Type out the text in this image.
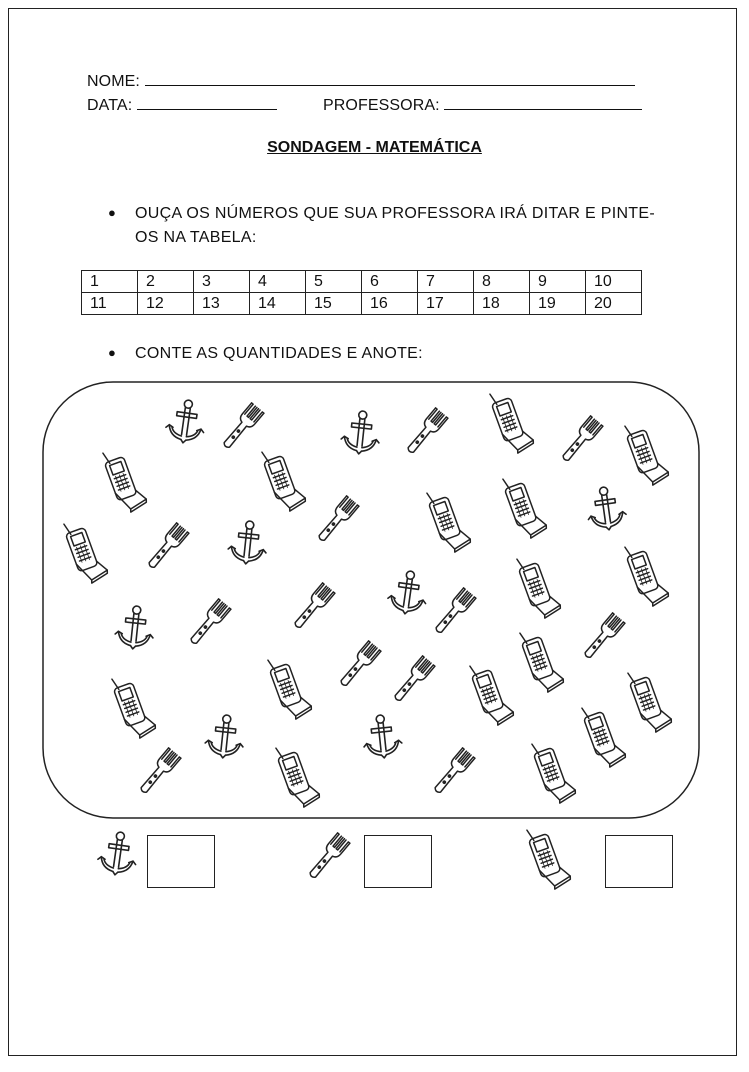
NOME:
DATA:	PROFESSORA:
SONDAGEM - MATEMÁTICA
● OUÇA OS NÚMEROS QUE SUA PROFESSORA IRÁ DITAR E PINTE-
OS NA TABELA:
1	2	3	4	5	6	7	8	9	10
11	12	13	14	15	16	17	18	19	20
● CONTE AS QUANTIDADES E ANOTE:
